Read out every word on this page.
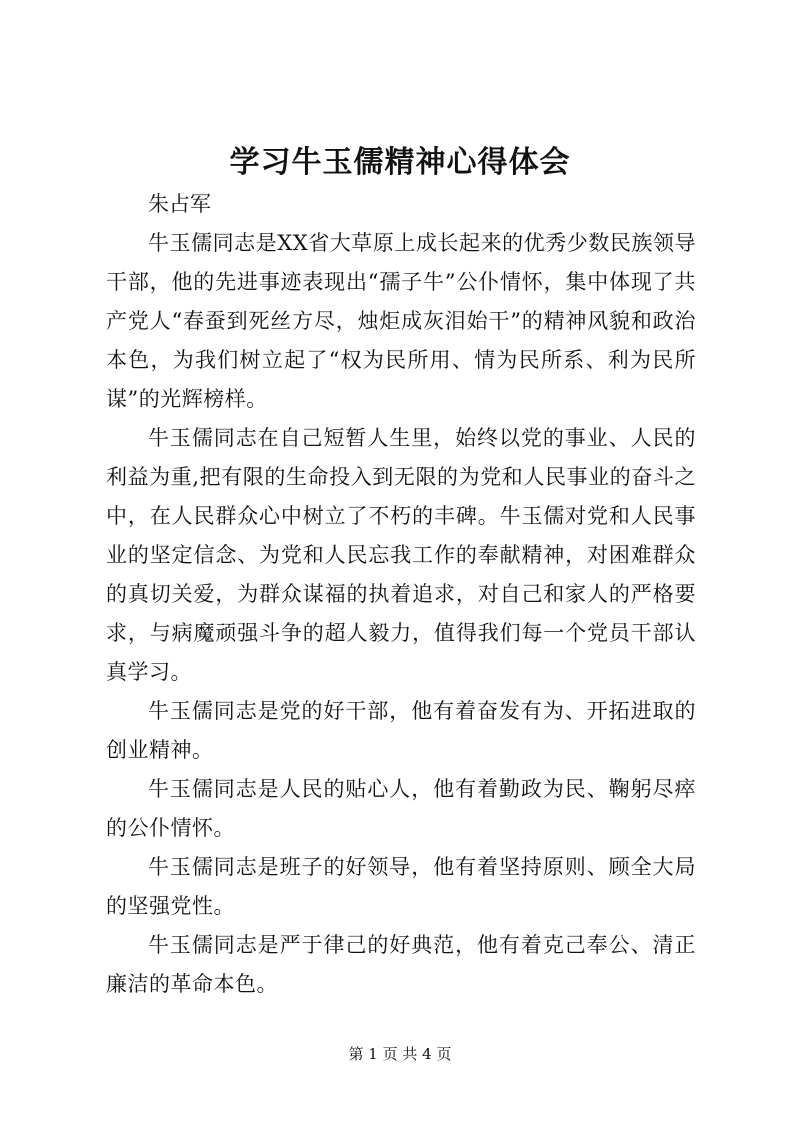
学习牛玉儒精神心得体会

朱占军

牛玉儒同志是XX省大草原上成长起来的优秀少数民族领导干部，他的先进事迹表现出“孺子牛”公仆情怀，集中体现了共产党人“春蚕到死丝方尽，烛炬成灰泪始干”的精神风貌和政治本色，为我们树立起了“权为民所用、情为民所系、利为民所谋”的光辉榜样。

牛玉儒同志在自己短暂人生里，始终以党的事业、人民的利益为重,把有限的生命投入到无限的为党和人民事业的奋斗之中，在人民群众心中树立了不朽的丰碑。牛玉儒对党和人民事业的坚定信念、为党和人民忘我工作的奉献精神，对困难群众的真切关爱，为群众谋福的执着追求，对自己和家人的严格要求，与病魔顽强斗争的超人毅力，值得我们每一个党员干部认真学习。

牛玉儒同志是党的好干部，他有着奋发有为、开拓进取的创业精神。

牛玉儒同志是人民的贴心人，他有着勤政为民、鞠躬尽瘁的公仆情怀。

牛玉儒同志是班子的好领导，他有着坚持原则、顾全大局的坚强党性。

牛玉儒同志是严于律己的好典范，他有着克己奉公、清正廉洁的革命本色。

第 1 页 共 4 页
